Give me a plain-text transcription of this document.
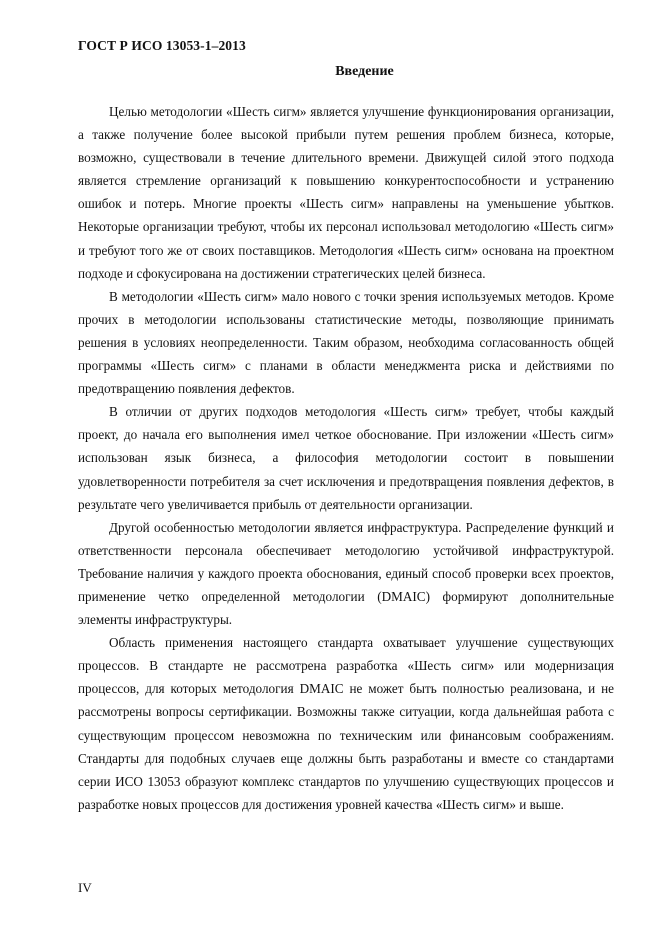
ГОСТ Р ИСО 13053-1–2013
Введение

Целью методологии «Шесть сигм» является улучшение функционирования организации, а также получение более высокой прибыли путем решения проблем бизнеса, которые, возможно, существовали в течение длительного времени. Движущей силой этого подхода является стремление организаций к повышению конкурентоспособности и устранению ошибок и потерь. Многие проекты «Шесть сигм» направлены на уменьшение убытков. Некоторые организации требуют, чтобы их персонал использовал методологию «Шесть сигм» и требуют того же от своих поставщиков. Методология «Шесть сигм» основана на проектном подходе и сфокусирована на достижении стратегических целей бизнеса.

В методологии «Шесть сигм» мало нового с точки зрения используемых методов. Кроме прочих в методологии использованы статистические методы, позволяющие принимать решения в условиях неопределенности. Таким образом, необходима согласованность общей программы «Шесть сигм» с планами в области менеджмента риска и действиями по предотвращению появления дефектов.

В отличии от других подходов методология «Шесть сигм» требует, чтобы каждый проект, до начала его выполнения имел четкое обоснование. При изложении «Шесть сигм» использован язык бизнеса, а философия методологии состоит в повышении удовлетворенности потребителя за счет исключения и предотвращения появления дефектов, в результате чего увеличивается прибыль от деятельности организации.

Другой особенностью методологии является инфраструктура. Распределение функций и ответственности персонала обеспечивает методологию устойчивой инфраструктурой. Требование наличия у каждого проекта обоснования, единый способ проверки всех проектов, применение четко определенной методологии (DMAIC) формируют дополнительные элементы инфраструктуры.

Область применения настоящего стандарта охватывает улучшение существующих процессов. В стандарте не рассмотрена разработка «Шесть сигм» или модернизация процессов, для которых методология DMAIC не может быть полностью реализована, и не рассмотрены вопросы сертификации. Возможны также ситуации, когда дальнейшая работа с существующим процессом невозможна по техническим или финансовым соображениям. Стандарты для подобных случаев еще должны быть разработаны и вместе со стандартами серии ИСО 13053 образуют комплекс стандартов по улучшению существующих процессов и разработке новых процессов для достижения уровней качества «Шесть сигм» и выше.

IV
